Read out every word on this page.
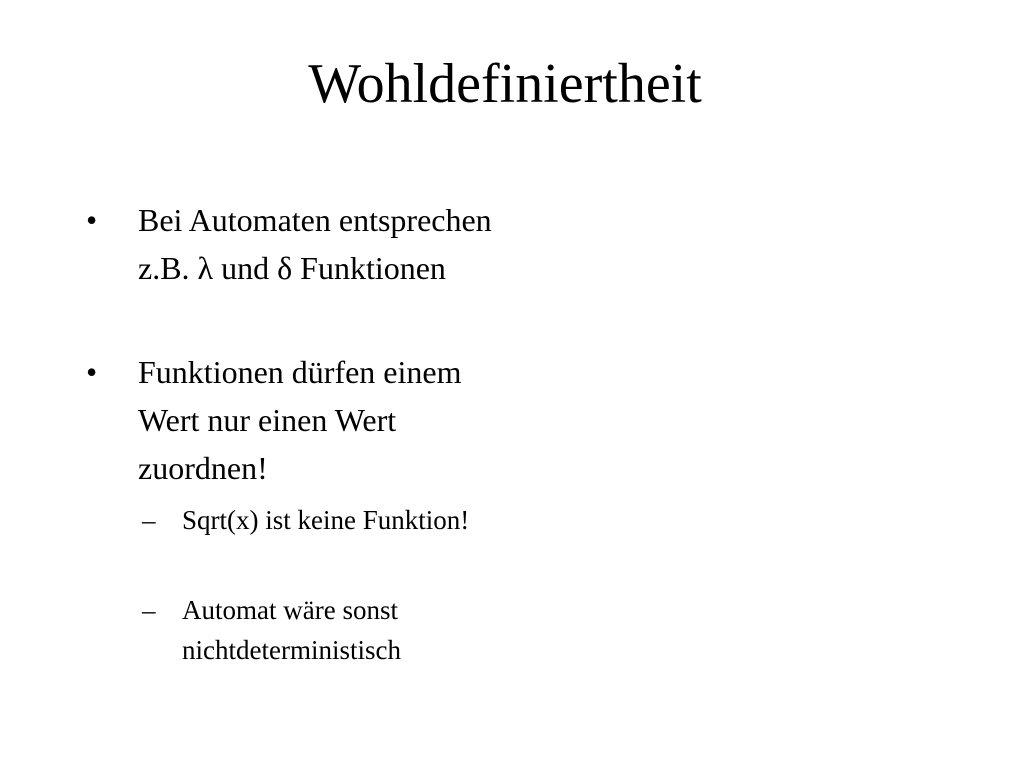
Wohldefiniertheit
•	Bei Automaten entsprechen z.B. λ und δ Funktionen
•	Funktionen dürfen einem Wert nur einen Wert zuordnen!
– Sqrt(x) ist keine Funktion!
– Automat wäre sonst nichtdeterministisch
